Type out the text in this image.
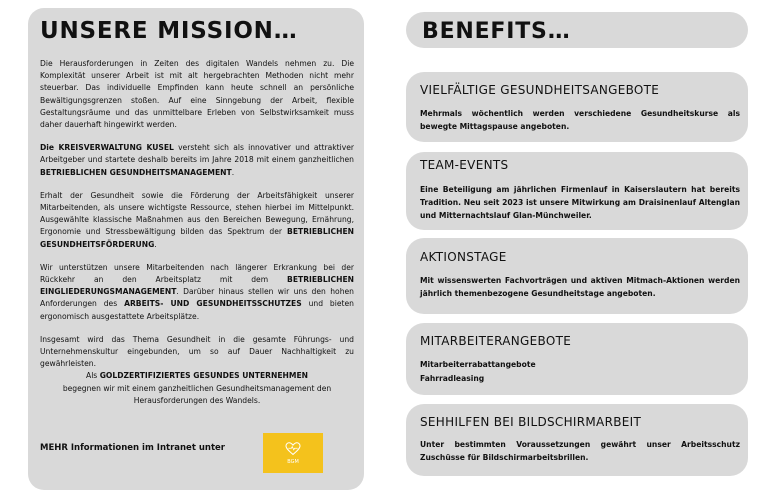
UNSERE MISSION…

Die Herausforderungen in Zeiten des digitalen Wandels nehmen zu. Die Komplexität unserer Arbeit ist mit alt hergebrachten Methoden nicht mehr steuerbar. Das individuelle Empfinden kann heute schnell an persönliche Bewältigungsgrenzen stoßen. Auf eine Sinngebung der Arbeit, flexible Gestaltungsräume und das unmittelbare Erleben von Selbstwirksamkeit muss daher dauerhaft hingewirkt werden.

Die KREISVERWALTUNG KUSEL versteht sich als innovativer und attraktiver Arbeitgeber und startete deshalb bereits im Jahre 2018 mit einem ganzheitlichen BETRIEBLICHEN GESUNDHEITSMANAGEMENT.

Erhalt der Gesundheit sowie die Förderung der Arbeitsfähigkeit unserer Mitarbeitenden, als unsere wichtigste Ressource, stehen hierbei im Mittelpunkt. Ausgewählte klassische Maßnahmen aus den Bereichen Bewegung, Ernährung, Ergonomie und Stressbewältigung bilden das Spektrum der BETRIEBLICHEN GESUNDHEITSFÖRDERUNG.

Wir unterstützen unsere Mitarbeitenden nach längerer Erkrankung bei der Rückkehr an den Arbeitsplatz mit dem BETRIEBLICHEN EINGLIEDERUNGSMANAGEMENT. Darüber hinaus stellen wir uns den hohen Anforderungen des ARBEITS- UND GESUNDHEITSSCHUTZES und bieten ergonomisch ausgestattete Arbeitsplätze.

Insgesamt wird das Thema Gesundheit in die gesamte Führungs- und Unternehmenskultur eingebunden, um so auf Dauer Nachhaltigkeit zu gewährleisten.

Als GOLDZERTIFIZIERTES GESUNDES UNTERNEHMEN

begegnen wir mit einem ganzheitlichen Gesundheitsmanagement den Herausforderungen des Wandels.

MEHR Informationen im Intranet unter
BGM
BENEFITS…
VIELFÄLTIGE GESUNDHEITSANGEBOTE
Mehrmals wöchentlich werden verschiedene Gesundheitskurse als bewegte Mittagspause angeboten.
TEAM-EVENTS
Eine Beteiligung am jährlichen Firmenlauf in Kaiserslautern hat bereits Tradition. Neu seit 2023 ist unsere Mitwirkung am Draisinenlauf Altenglan und Mitternachtslauf Glan-Münchweiler.
AKTIONSTAGE
Mit wissenswerten Fachvorträgen und aktiven Mitmach-Aktionen werden jährlich themenbezogene Gesundheitstage angeboten.
MITARBEITERANGEBOTE
Mitarbeiterrabattangebote
Fahrradleasing
SEHHILFEN BEI BILDSCHIRMARBEIT
Unter bestimmten Voraussetzungen gewährt unser Arbeitsschutz Zuschüsse für Bildschirmarbeitsbrillen.
